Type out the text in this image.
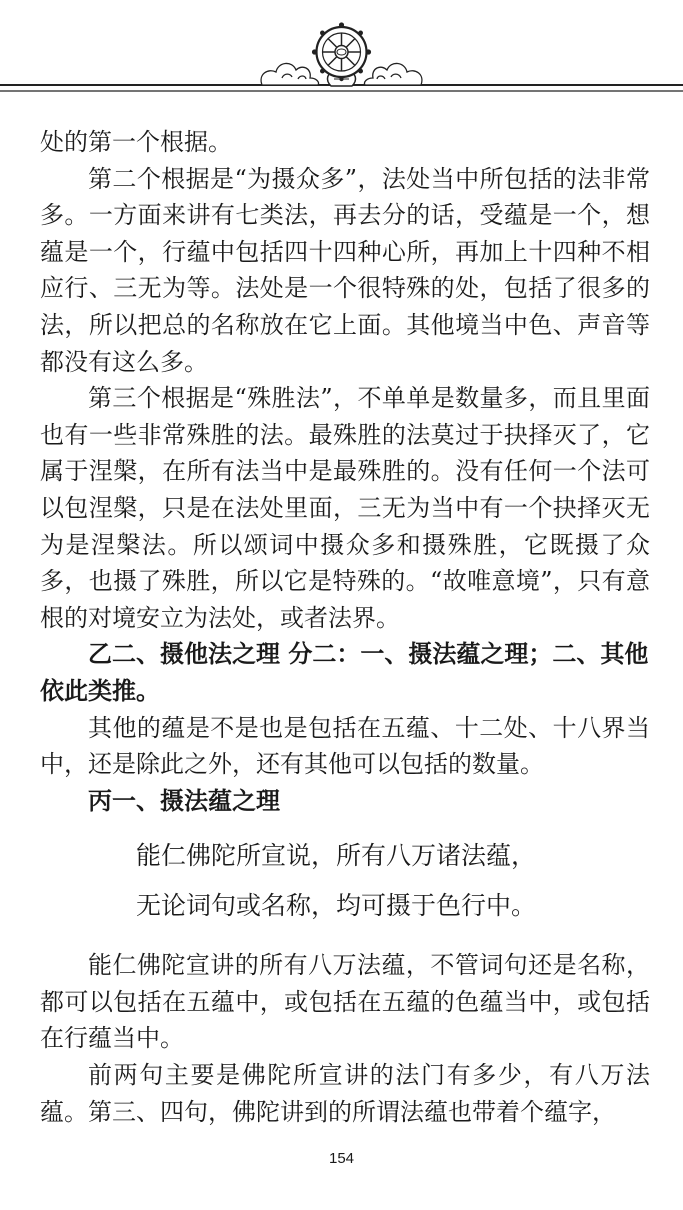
处的第一个根据。

第二个根据是“为摄众多”，法处当中所包括的法非常多。一方面来讲有七类法，再去分的话，受蕴是一个，想蕴是一个，行蕴中包括四十四种心所，再加上十四种不相应行、三无为等。法处是一个很特殊的处，包括了很多的法，所以把总的名称放在它上面。其他境当中色、声音等都没有这么多。

第三个根据是“殊胜法”，不单单是数量多，而且里面也有一些非常殊胜的法。最殊胜的法莫过于抉择灭了，它属于涅槃，在所有法当中是最殊胜的。没有任何一个法可以包涅槃，只是在法处里面，三无为当中有一个抉择灭无为是涅槃法。所以颂词中摄众多和摄殊胜，它既摄了众多，也摄了殊胜，所以它是特殊的。“故唯意境”，只有意根的对境安立为法处，或者法界。

乙二、摄他法之理 分二：一、摄法蕴之理；二、其他依此类推。

其他的蕴是不是也是包括在五蕴、十二处、十八界当中，还是除此之外，还有其他可以包括的数量。

丙一、摄法蕴之理

能仁佛陀所宣说，所有八万诸法蕴，

无论词句或名称，均可摄于色行中。

能仁佛陀宣讲的所有八万法蕴，不管词句还是名称，都可以包括在五蕴中，或包括在五蕴的色蕴当中，或包括在行蕴当中。

前两句主要是佛陀所宣讲的法门有多少，有八万法蕴。第三、四句，佛陀讲到的所谓法蕴也带着个蕴字，

154
